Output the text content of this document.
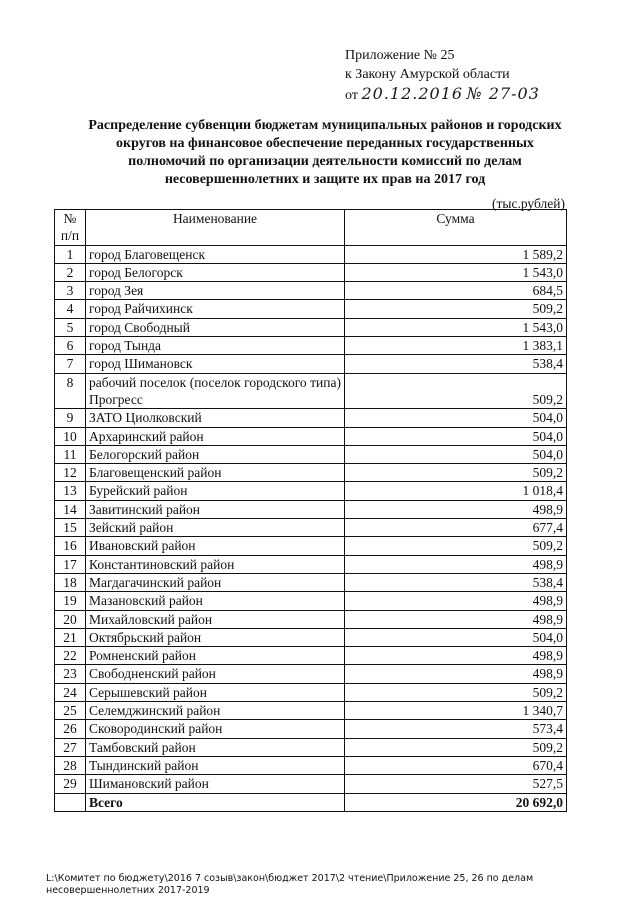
Приложение № 25
к Закону Амурской области
от 20.12.2016 № 27-03
Распределение субвенции бюджетам муниципальных районов и городских округов на финансовое обеспечение переданных государственных полномочий по организации деятельности комиссий по делам несовершеннолетних и защите их прав на 2017 год
(тыс.рублей)
№ п/п	Наименование	Сумма
1	город Благовещенск	1 589,2
2	город Белогорск	1 543,0
3	город Зея	684,5
4	город Райчихинск	509,2
5	город Свободный	1 543,0
6	город Тында	1 383,1
7	город Шимановск	538,4
8	рабочий поселок (поселок городского типа) Прогресс	509,2
9	ЗАТО Циолковский	504,0
10	Архаринский район	504,0
11	Белогорский район	504,0
12	Благовещенский район	509,2
13	Бурейский район	1 018,4
14	Завитинский район	498,9
15	Зейский район	677,4
16	Ивановский район	509,2
17	Константиновский район	498,9
18	Магдагачинский район	538,4
19	Мазановский район	498,9
20	Михайловский район	498,9
21	Октябрьский район	504,0
22	Ромненский район	498,9
23	Свободненский район	498,9
24	Серышевский район	509,2
25	Селемджинский район	1 340,7
26	Сковородинский район	573,4
27	Тамбовский район	509,2
28	Тындинский район	670,4
29	Шимановский район	527,5
	Всего	20 692,0
L:\Комитет по бюджету\2016 7 созыв\закон\бюджет 2017\2 чтение\Приложение 25, 26 по делам несовершеннолетних 2017-2019
